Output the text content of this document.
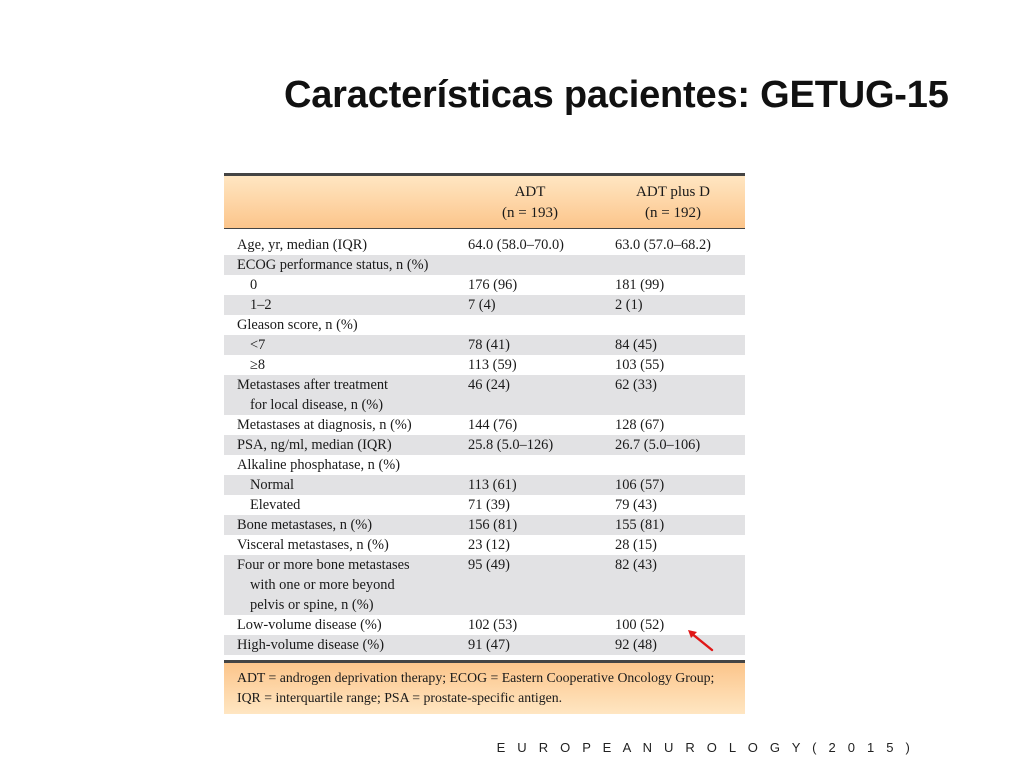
Características pacientes: GETUG-15
ADT
(n = 193)
ADT plus D
(n = 192)
Age, yr, median (IQR)	64.0 (58.0–70.0)	63.0 (57.0–68.2)
ECOG performance status, n (%)
0	176 (96)	181 (99)
1–2	7 (4)	2 (1)
Gleason score, n (%)
<7	78 (41)	84 (45)
≥8	113 (59)	103 (55)
Metastases after treatment
for local disease, n (%)
46 (24)	62 (33)
Metastases at diagnosis, n (%)	144 (76)	128 (67)
PSA, ng/ml, median (IQR)	25.8 (5.0–126)	26.7 (5.0–106)
Alkaline phosphatase, n (%)
Normal	113 (61)	106 (57)
Elevated	71 (39)	79 (43)
Bone metastases, n (%)	156 (81)	155 (81)
Visceral metastases, n (%)	23 (12)	28 (15)
Four or more bone metastases
with one or more beyond
pelvis or spine, n (%)
95 (49)	82 (43)
Low-volume disease (%)	102 (53)	100 (52)
High-volume disease (%)	91 (47)	92 (48)
ADT = androgen deprivation therapy; ECOG = Eastern Cooperative Oncology Group; IQR = interquartile range; PSA = prostate-specific antigen.
E U R O P E A N U R O L O G Y ( 2 0 1 5 )
